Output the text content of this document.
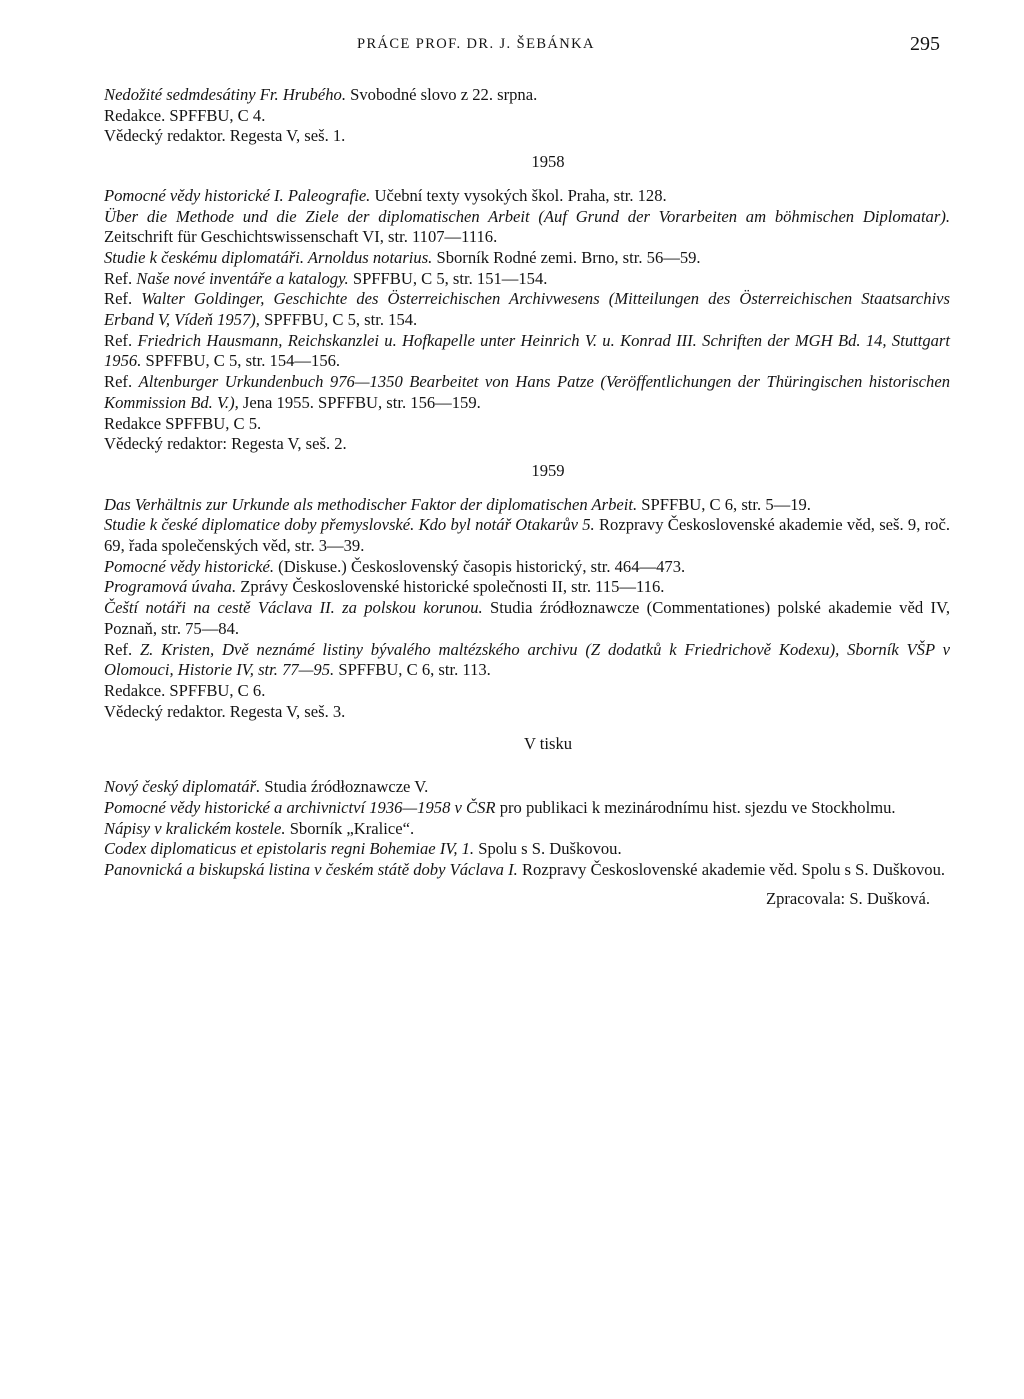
PRÁCE PROF. DR. J. ŠEBÁNKA	295
Nedožité sedmdesátiny Fr. Hrubého. Svobodné slovo z 22. srpna.
Redakce. SPFFBU, C 4.
Vědecký redaktor. Regesta V, seš. 1.
1958
Pomocné vědy historické I. Paleografie. Učební texty vysokých škol. Praha, str. 128.
Über die Methode und die Ziele der diplomatischen Arbeit (Auf Grund der Vorarbeiten am böhmischen Diplomatar). Zeitschrift für Geschichtswissenschaft VI, str. 1107—1116.
Studie k českému diplomatáři. Arnoldus notarius. Sborník Rodné zemi. Brno, str. 56—59.
Ref. Naše nové inventáře a katalogy. SPFFBU, C 5, str. 151—154.
Ref. Walter Goldinger, Geschichte des Österreichischen Archivwesens (Mitteilungen des Österreichischen Staatsarchivs Erband V, Vídeň 1957), SPFFBU, C 5, str. 154.
Ref. Friedrich Hausmann, Reichskanzlei u. Hofkapelle unter Heinrich V. u. Konrad III. Schriften der MGH Bd. 14, Stuttgart 1956. SPFFBU, C 5, str. 154—156.
Ref. Altenburger Urkundenbuch 976—1350 Bearbeitet von Hans Patze (Veröffentlichungen der Thüringischen historischen Kommission Bd. V.), Jena 1955. SPFFBU, str. 156—159.
Redakce SPFFBU, C 5.
Vědecký redaktor: Regesta V, seš. 2.
1959
Das Verhältnis zur Urkunde als methodischer Faktor der diplomatischen Arbeit. SPFFBU, C 6, str. 5—19.
Studie k české diplomatice doby přemyslovské. Kdo byl notář Otakarův 5. Rozpravy Československé akademie věd, seš. 9, roč. 69, řada společenských věd, str. 3—39.
Pomocné vědy historické. (Diskuse.) Československý časopis historický, str. 464—473.
Programová úvaha. Zprávy Československé historické společnosti II, str. 115—116.
Čeští notáři na cestě Václava II. za polskou korunou. Studia źródłoznawcze (Commentationes) polské akademie věd IV, Poznaň, str. 75—84.
Ref. Z. Kristen, Dvě neznámé listiny bývalého maltézského archivu (Z dodatků k Friedrichově Kodexu), Sborník VŠP v Olomouci, Historie IV, str. 77—95. SPFFBU, C 6, str. 113.
Redakce. SPFFBU, C 6.
Vědecký redaktor. Regesta V, seš. 3.
V tisku
Nový český diplomatář. Studia źródłoznawcze V.
Pomocné vědy historické a archivnictví 1936—1958 v ČSR pro publikaci k mezinárodnímu hist. sjezdu ve Stockholmu.
Nápisy v kralickém kostele. Sborník „Kralice“.
Codex diplomaticus et epistolaris regni Bohemiae IV, 1. Spolu s S. Duškovou.
Panovnická a biskupská listina v českém státě doby Václava I. Rozpravy Československé akademie věd. Spolu s S. Duškovou.
Zpracovala: S. Dušková.
